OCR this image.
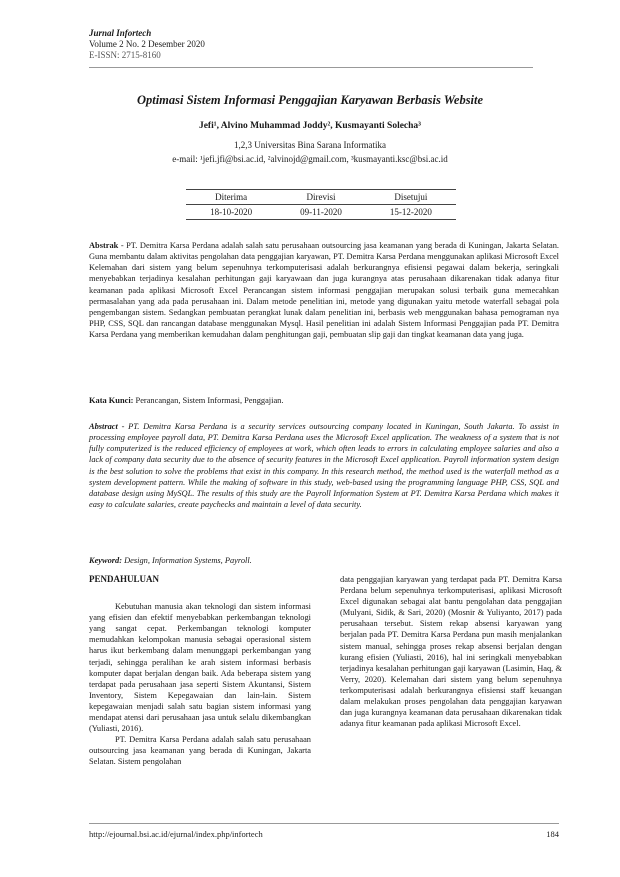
Jurnal Infortech
Volume 2 No. 2 Desember 2020
E-ISSN: 2715-8160
Optimasi Sistem Informasi Penggajian Karyawan Berbasis Website
Jefi¹, Alvino Muhammad Joddy², Kusmayanti Solecha³
1,2,3 Universitas Bina Sarana Informatika
e-mail: ¹jefi.jfi@bsi.ac.id, ²alvinojd@gmail.com, ³kusmayanti.ksc@bsi.ac.id
Diterima	Direvisi	Disetujui
18-10-2020	09-11-2020	15-12-2020
Abstrak - PT. Demitra Karsa Perdana adalah salah satu perusahaan outsourcing jasa keamanan yang berada di Kuningan, Jakarta Selatan. Guna membantu dalam aktivitas pengolahan data penggajian karyawan, PT. Demitra Karsa Perdana menggunakan aplikasi Microsoft Excel Kelemahan dari sistem yang belum sepenuhnya terkomputerisasi adalah berkurangnya efisiensi pegawai dalam bekerja, seringkali menyebabkan terjadinya kesalahan perhitungan gaji karyawaan dan juga kurangnya atas perusahaan dikarenakan tidak adanya fitur keamanan pada aplikasi Microsoft Excel Perancangan sistem informasi penggajian merupakan solusi terbaik guna memecahkan permasalahan yang ada pada perusahaan ini. Dalam metode penelitian ini, metode yang digunakan yaitu metode waterfall sebagai pola pengembangan sistem. Sedangkan pembuatan perangkat lunak dalam penelitian ini, berbasis web menggunakan bahasa pemograman nya PHP, CSS, SQL dan rancangan database menggunakan Mysql. Hasil penelitian ini adalah Sistem Informasi Penggajian pada PT. Demitra Karsa Perdana yang memberikan kemudahan dalam penghitungan gaji, pembuatan slip gaji dan tingkat keamanan data yang juga.
Kata Kunci: Perancangan, Sistem Informasi, Penggajian.
Abstract - PT. Demitra Karsa Perdana is a security services outsourcing company located in Kuningan, South Jakarta. To assist in processing employee payroll data, PT. Demitra Karsa Perdana uses the Microsoft Excel application. The weakness of a system that is not fully computerized is the reduced efficiency of employees at work, which often leads to errors in calculating employee salaries and also a lack of company data security due to the absence of security features in the Microsoft Excel application. Payroll information system design is the best solution to solve the problems that exist in this company. In this research method, the method used is the waterfall method as a system development pattern. While the making of software in this study, web-based using the programming language PHP, CSS, SQL and database design using MySQL. The results of this study are the Payroll Information System at PT. Demitra Karsa Perdana which makes it easy to calculate salaries, create paychecks and maintain a level of data security.
Keyword: Design, Information Systems, Payroll.
PENDAHULUAN

Kebutuhan manusia akan teknologi dan sistem informasi yang efisien dan efektif menyebabkan perkembangan teknologi yang sangat cepat. Perkembangan teknologi komputer memudahkan kelompokan manusia sebagai operasional sistem harus ikut berkembang dalam menunggapi perkembangan yang terjadi, sehingga peralihan ke arah sistem informasi berbasis komputer dapat berjalan dengan baik. Ada beberapa sistem yang terdapat pada perusahaan jasa seperti Sistem Akuntansi, Sistem Inventory, Sistem Kepegawaian dan lain-lain. Sistem kepegawaian menjadi salah satu bagian sistem informasi yang mendapat atensi dari perusahaan jasa untuk selalu dikembangkan (Yuliasti, 2016).

PT. Demitra Karsa Perdana adalah salah satu perusahaan outsourcing jasa keamanan yang berada di Kuningan, Jakarta Selatan. Sistem pengolahan

data penggajian karyawan yang terdapat pada PT. Demitra Karsa Perdana belum sepenuhnya terkomputerisasi, aplikasi Microsoft Excel digunakan sebagai alat bantu pengolahan data penggajian (Mulyani, Sidik, & Sari, 2020) (Mosnir & Yuliyanto, 2017) pada perusahaan tersebut. Sistem rekap absensi karyawan yang berjalan pada PT. Demitra Karsa Perdana pun masih menjalankan sistem manual, sehingga proses rekap absensi berjalan dengan kurang efisien (Yuliasti, 2016), hal ini seringkali menyebabkan terjadinya kesalahan perhitungan gaji karyawan (Lasimin, Haq, & Verry, 2020). Kelemahan dari sistem yang belum sepenuhnya terkomputerisasi adalah berkurangnya efisiensi staff keuangan dalam melakukan proses pengolahan data penggajian karyawan dan juga kurangnya keamanan data perusahaan dikarenakan tidak adanya fitur keamanan pada aplikasi Microsoft Excel.

http://ejournal.bsi.ac.id/ejurnal/index.php/infortech	184
